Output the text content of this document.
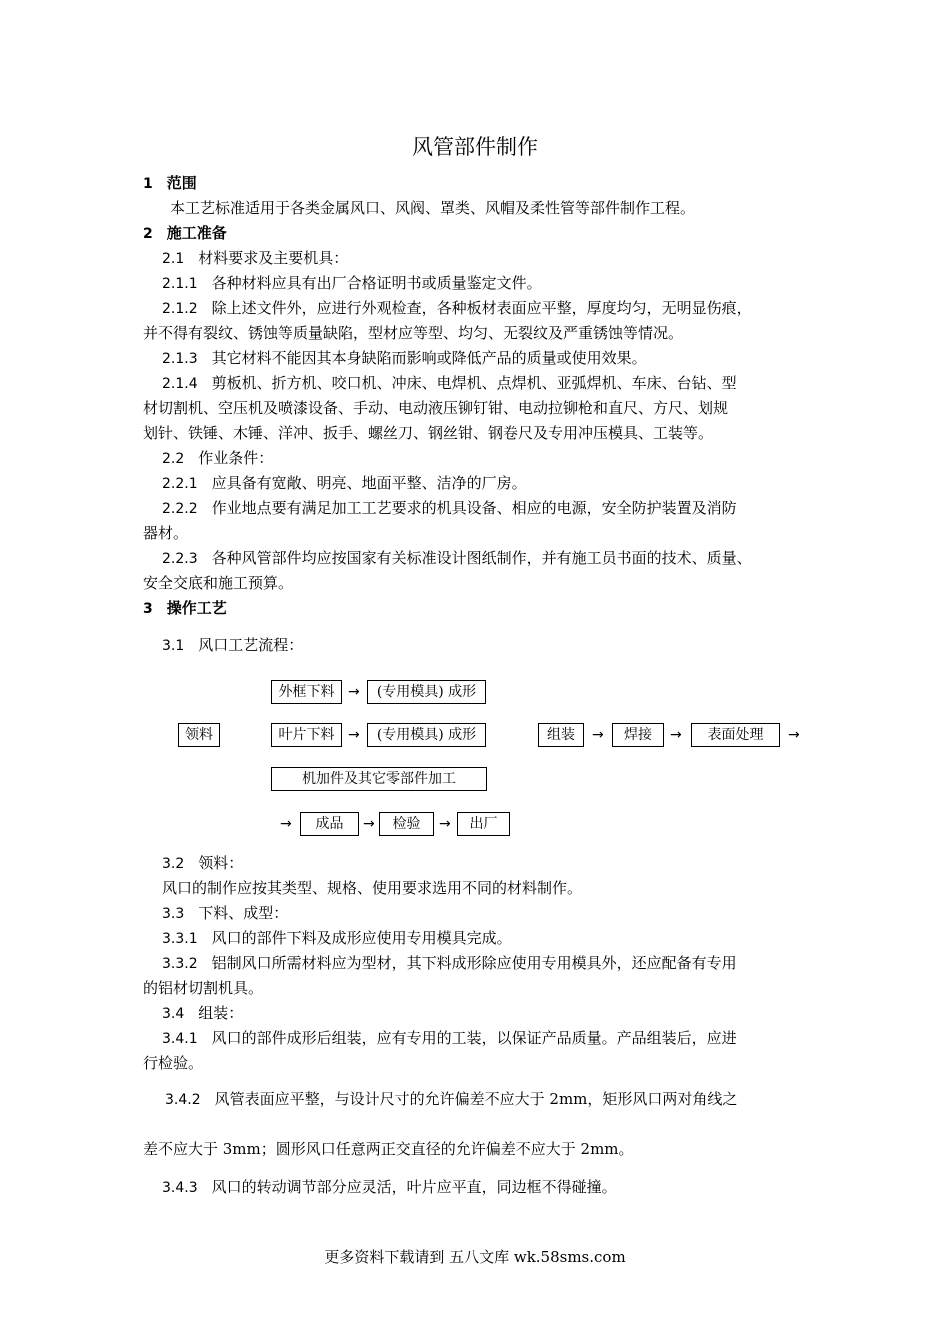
风管部件制作
1 范围
本工艺标准适用于各类金属风口、风阀、罩类、风帽及柔性管等部件制作工程。
2 施工准备
2.1 材料要求及主要机具：
2.1.1 各种材料应具有出厂合格证明书或质量鉴定文件。
2.1.2 除上述文件外，应进行外观检查，各种板材表面应平整，厚度均匀，无明显伤痕，
并不得有裂纹、锈蚀等质量缺陷，型材应等型、均匀、无裂纹及严重锈蚀等情况。
2.1.3 其它材料不能因其本身缺陷而影响或降低产品的质量或使用效果。
2.1.4 剪板机、折方机、咬口机、冲床、电焊机、点焊机、亚弧焊机、车床、台钻、型
材切割机、空压机及喷漆设备、手动、电动液压铆钉钳、电动拉铆枪和直尺、方尺、划规
划针、铁锤、木锤、洋冲、扳手、螺丝刀、钢丝钳、钢卷尺及专用冲压模具、工装等。
2.2 作业条件：
2.2.1 应具备有宽敞、明亮、地面平整、洁净的厂房。
2.2.2 作业地点要有满足加工工艺要求的机具设备、相应的电源，安全防护装置及消防
器材。
2.2.3 各种风管部件均应按国家有关标准设计图纸制作，并有施工员书面的技术、质量、
安全交底和施工预算。
3 操作工艺
3.1 风口工艺流程：
领料
外框下料 →	(专用模具) 成形
叶片下料 →	(专用模具) 成形
机加件及其它零部件加工
组装	→	焊接	→	表面处理	→
→	成品	→	检验	→	出厂
3.2 领料：
风口的制作应按其类型、规格、使用要求选用不同的材料制作。
3.3 下料、成型：
3.3.1 风口的部件下料及成形应使用专用模具完成。
3.3.2 铝制风口所需材料应为型材，其下料成形除应使用专用模具外，还应配备有专用
的铝材切割机具。
3.4 组装：
3.4.1 风口的部件成形后组装，应有专用的工装，以保证产品质量。产品组装后，应进
行检验。
3.4.2 风管表面应平整，与设计尺寸的允许偏差不应大于 2mm，矩形风口两对角线之
差不应大于 3mm；圆形风口任意两正交直径的允许偏差不应大于 2mm。
3.4.3 风口的转动调节部分应灵活，叶片应平直，同边框不得碰撞。
更多资料下载请到 五八文库 wk.58sms.com
